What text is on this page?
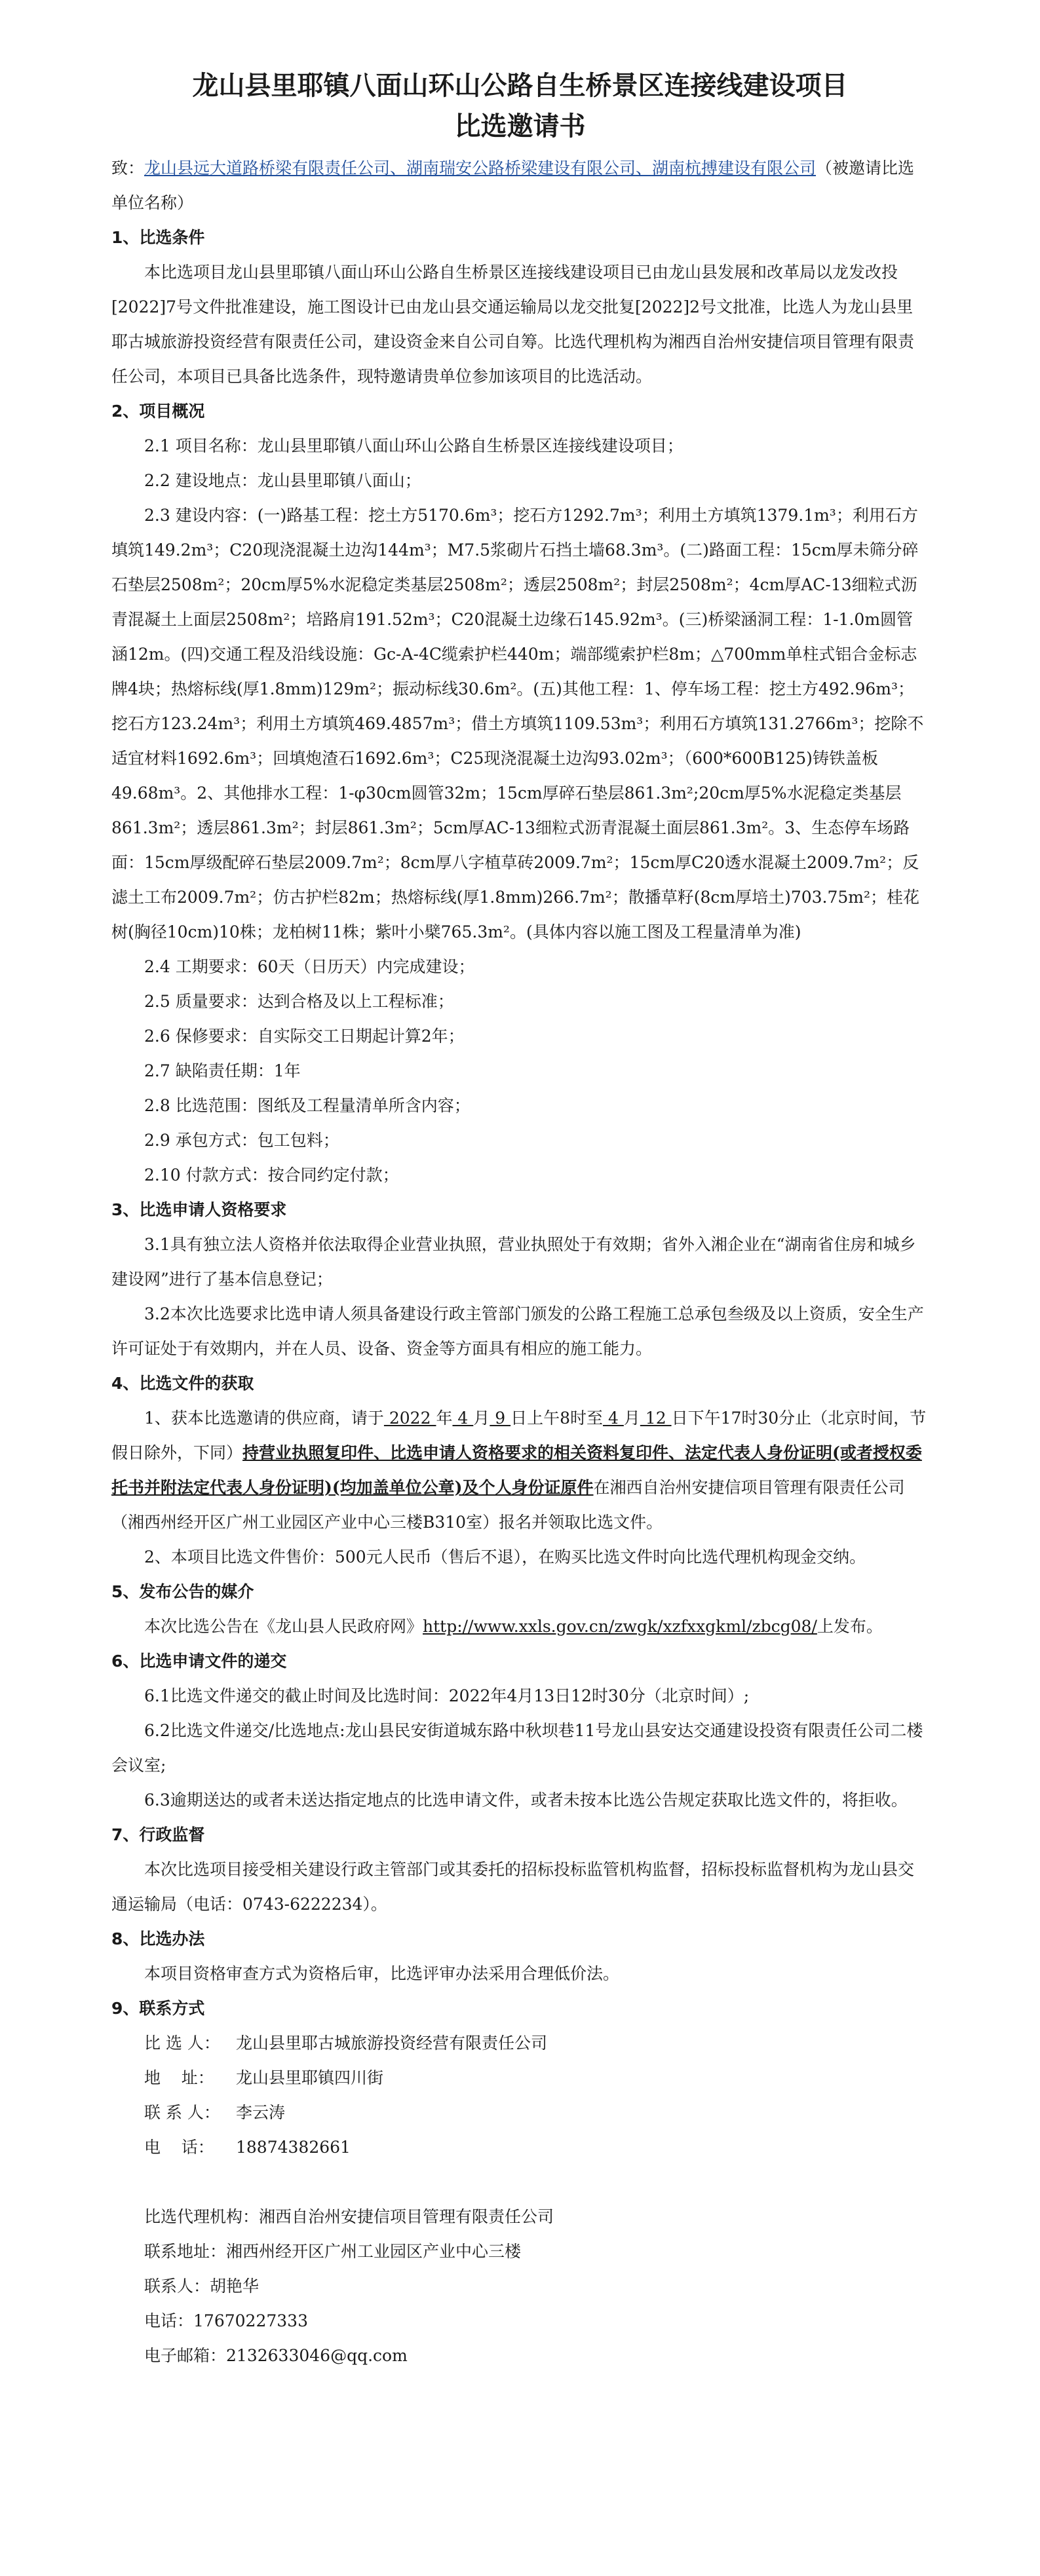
龙山县里耶镇八面山环山公路自生桥景区连接线建设项目

比选邀请书

致：龙山县远大道路桥梁有限责任公司、湖南瑞安公路桥梁建设有限公司、湖南杭搏建设有限公司（被邀请比选单位名称）

1、比选条件

本比选项目龙山县里耶镇八面山环山公路自生桥景区连接线建设项目已由龙山县发展和改革局以龙发改投[2022]7号文件批准建设，施工图设计已由龙山县交通运输局以龙交批复[2022]2号文批准，比选人为龙山县里耶古城旅游投资经营有限责任公司，建设资金来自公司自筹。比选代理机构为湘西自治州安捷信项目管理有限责任公司，本项目已具备比选条件，现特邀请贵单位参加该项目的比选活动。

2、项目概况

2.1 项目名称：龙山县里耶镇八面山环山公路自生桥景区连接线建设项目；

2.2 建设地点：龙山县里耶镇八面山；

2.3 建设内容：(一)路基工程：挖土方5170.6m³；挖石方1292.7m³；利用土方填筑1379.1m³；利用石方填筑149.2m³；C20现浇混凝土边沟144m³；M7.5浆砌片石挡土墙68.3m³。(二)路面工程：15cm厚未筛分碎石垫层2508m²；20cm厚5%水泥稳定类基层2508m²；透层2508m²；封层2508m²；4cm厚AC-13细粒式沥青混凝土上面层2508m²；培路肩191.52m³；C20混凝土边缘石145.92m³。(三)桥梁涵洞工程：1-1.0m圆管涵12m。(四)交通工程及沿线设施：Gc-A-4C缆索护栏440m；端部缆索护栏8m；△700mm单柱式铝合金标志牌4块；热熔标线(厚1.8mm)129m²；振动标线30.6m²。(五)其他工程：1、停车场工程：挖土方492.96m³；挖石方123.24m³；利用土方填筑469.4857m³；借土方填筑1109.53m³；利用石方填筑131.2766m³；挖除不适宜材料1692.6m³；回填炮渣石1692.6m³；C25现浇混凝土边沟93.02m³；（600*600B125)铸铁盖板49.68m³。2、其他排水工程：1-φ30cm圆管32m；15cm厚碎石垫层861.3m²;20cm厚5%水泥稳定类基层861.3m²；透层861.3m²；封层861.3m²；5cm厚AC-13细粒式沥青混凝土面层861.3m²。3、生态停车场路面：15cm厚级配碎石垫层2009.7m²；8cm厚八字植草砖2009.7m²；15cm厚C20透水混凝土2009.7m²；反滤土工布2009.7m²；仿古护栏82m；热熔标线(厚1.8mm)266.7m²；散播草籽(8cm厚培土)703.75m²；桂花树(胸径10cm)10株；龙柏树11株；紫叶小檗765.3m²。(具体内容以施工图及工程量清单为准)

2.4 工期要求：60天（日历天）内完成建设；

2.5 质量要求：达到合格及以上工程标准；

2.6 保修要求：自实际交工日期起计算2年；

2.7 缺陷责任期：1年

2.8 比选范围：图纸及工程量清单所含内容；

2.9 承包方式：包工包料；

2.10 付款方式：按合同约定付款；

3、比选申请人资格要求

3.1具有独立法人资格并依法取得企业营业执照，营业执照处于有效期；省外入湘企业在“湖南省住房和城乡建设网”进行了基本信息登记；

3.2本次比选要求比选申请人须具备建设行政主管部门颁发的公路工程施工总承包叁级及以上资质，安全生产许可证处于有效期内，并在人员、设备、资金等方面具有相应的施工能力。

4、比选文件的获取

1、获本比选邀请的供应商，请于 2022 年 4 月 9 日上午8时至 4 月 12 日下午17时30分止（北京时间，节假日除外，下同）持营业执照复印件、比选申请人资格要求的相关资料复印件、法定代表人身份证明(或者授权委托书并附法定代表人身份证明)(均加盖单位公章)及个人身份证原件在湘西自治州安捷信项目管理有限责任公司（湘西州经开区广州工业园区产业中心三楼B310室）报名并领取比选文件。

2、本项目比选文件售价：500元人民币（售后不退），在购买比选文件时向比选代理机构现金交纳。

5、发布公告的媒介

本次比选公告在《龙山县人民政府网》http://www.xxls.gov.cn/zwgk/xzfxxgkml/zbcg08/上发布。

6、比选申请文件的递交

6.1比选文件递交的截止时间及比选时间：2022年4月13日12时30分（北京时间）;

6.2比选文件递交/比选地点:龙山县民安街道城东路中秋坝巷11号龙山县安达交通建设投资有限责任公司二楼会议室;

6.3逾期送达的或者未送达指定地点的比选申请文件，或者未按本比选公告规定获取比选文件的，将拒收。

7、行政监督

本次比选项目接受相关建设行政主管部门或其委托的招标投标监管机构监督，招标投标监督机构为龙山县交通运输局（电话：0743-6222234）。

8、比选办法

本项目资格审查方式为资格后审，比选评审办法采用合理低价法。

9、联系方式

比 选 人： 龙山县里耶古城旅游投资经营有限责任公司

地    址：	龙山县里耶镇四川街

联 系 人： 李云涛

电    话：	18874382661

比选代理机构： 湘西自治州安捷信项目管理有限责任公司

联系地址： 湘西州经开区广州工业园区产业中心三楼

联系人： 胡艳华

电话： 17670227333

电子邮箱： 2132633046@qq.com
